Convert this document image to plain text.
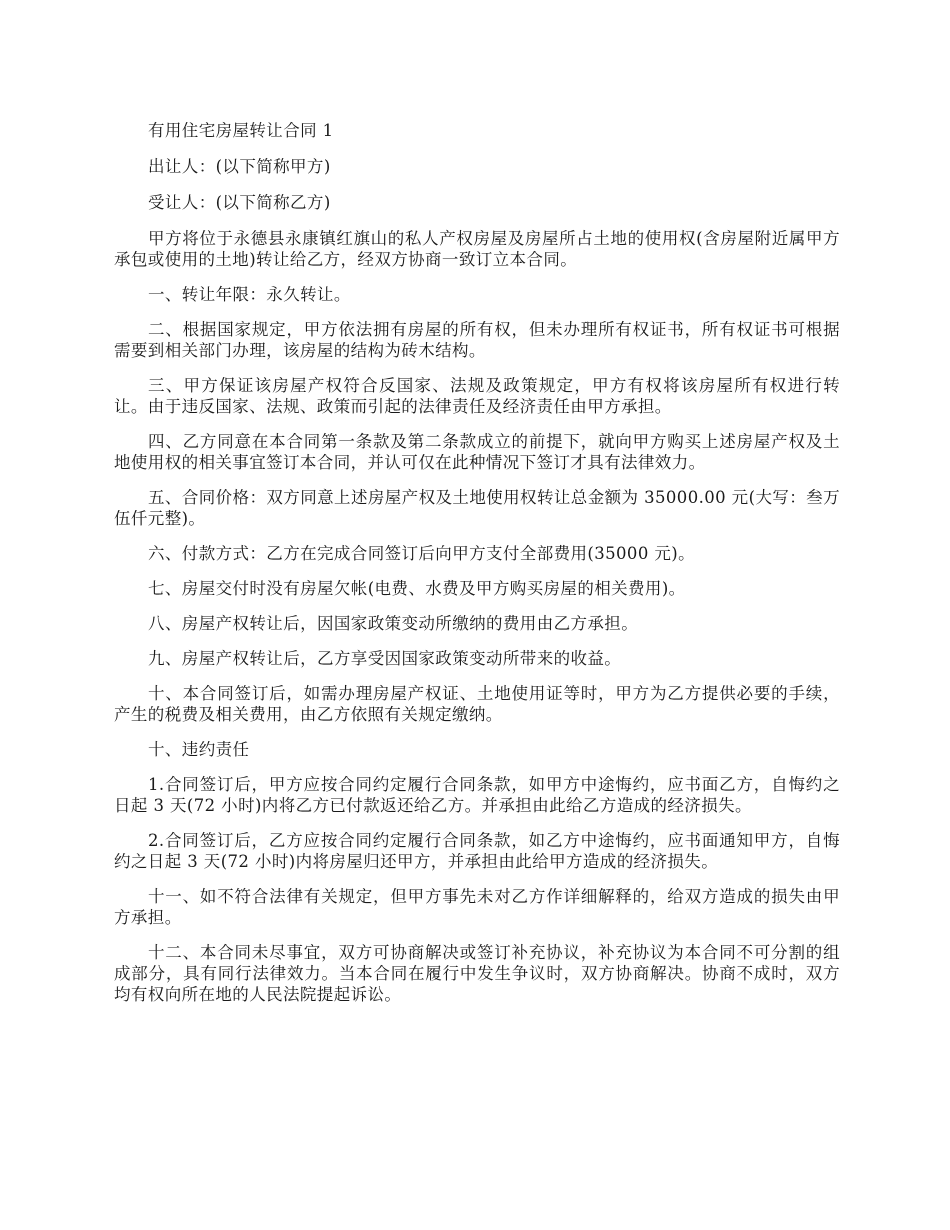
有用住宅房屋转让合同 1

出让人：(以下简称甲方)

受让人：(以下简称乙方)

甲方将位于永德县永康镇红旗山的私人产权房屋及房屋所占土地的使用权(含房屋附近属甲方承包或使用的土地)转让给乙方，经双方协商一致订立本合同。

一、转让年限：永久转让。

二、根据国家规定，甲方依法拥有房屋的所有权，但未办理所有权证书，所有权证书可根据需要到相关部门办理，该房屋的结构为砖木结构。

三、甲方保证该房屋产权符合反国家、法规及政策规定，甲方有权将该房屋所有权进行转让。由于违反国家、法规、政策而引起的法律责任及经济责任由甲方承担。

四、乙方同意在本合同第一条款及第二条款成立的前提下，就向甲方购买上述房屋产权及土地使用权的相关事宜签订本合同，并认可仅在此种情况下签订才具有法律效力。

五、合同价格：双方同意上述房屋产权及土地使用权转让总金额为 35000.00 元(大写：叁万伍仟元整)。

六、付款方式：乙方在完成合同签订后向甲方支付全部费用(35000 元)。

七、房屋交付时没有房屋欠帐(电费、水费及甲方购买房屋的相关费用)。

八、房屋产权转让后，因国家政策变动所缴纳的费用由乙方承担。

九、房屋产权转让后，乙方享受因国家政策变动所带来的收益。

十、本合同签订后，如需办理房屋产权证、土地使用证等时，甲方为乙方提供必要的手续，产生的税费及相关费用，由乙方依照有关规定缴纳。

十、违约责任

1.合同签订后，甲方应按合同约定履行合同条款，如甲方中途悔约，应书面乙方，自悔约之日起 3 天(72 小时)内将乙方已付款返还给乙方。并承担由此给乙方造成的经济损失。

2.合同签订后，乙方应按合同约定履行合同条款，如乙方中途悔约，应书面通知甲方，自悔约之日起 3 天(72 小时)内将房屋归还甲方，并承担由此给甲方造成的经济损失。

十一、如不符合法律有关规定，但甲方事先未对乙方作详细解释的，给双方造成的损失由甲方承担。

十二、本合同未尽事宜，双方可协商解决或签订补充协议，补充协议为本合同不可分割的组成部分，具有同行法律效力。当本合同在履行中发生争议时，双方协商解决。协商不成时，双方均有权向所在地的人民法院提起诉讼。
